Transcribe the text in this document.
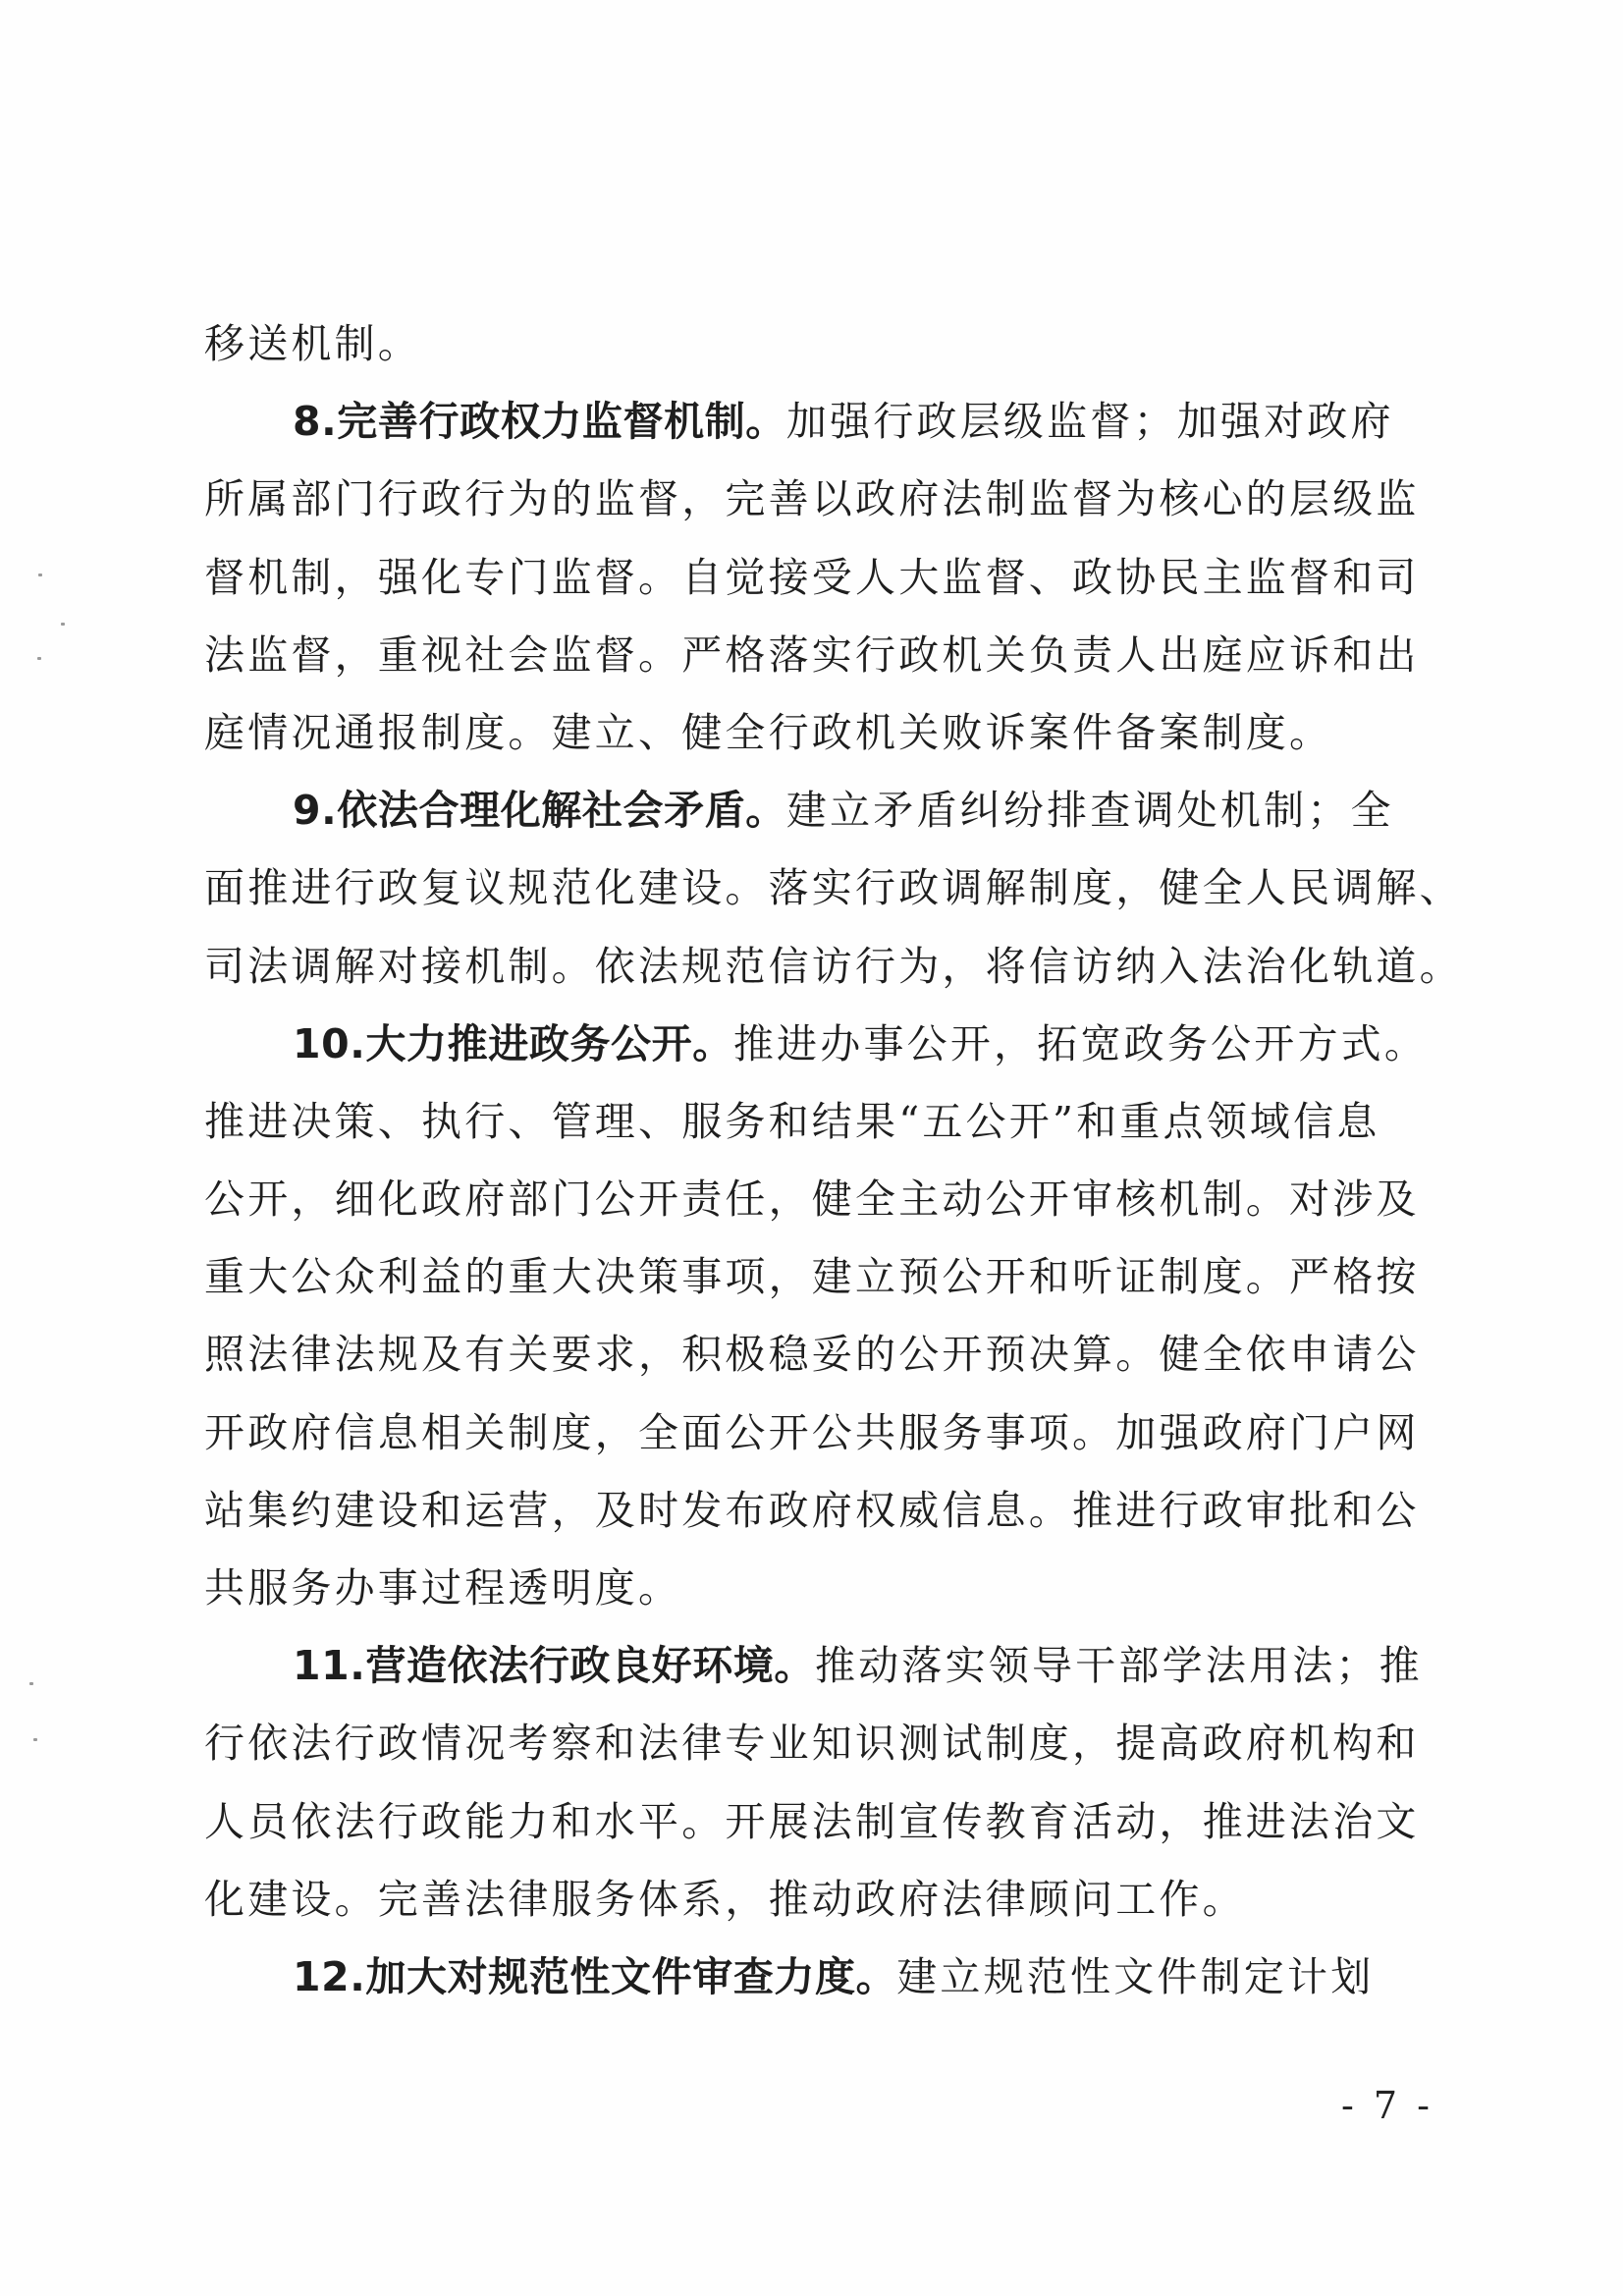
移送机制。
8.完善行政权力监督机制。加强行政层级监督；加强对政府
所属部门行政行为的监督，完善以政府法制监督为核心的层级监
督机制，强化专门监督。自觉接受人大监督、政协民主监督和司
法监督，重视社会监督。严格落实行政机关负责人出庭应诉和出
庭情况通报制度。建立、健全行政机关败诉案件备案制度。
9.依法合理化解社会矛盾。建立矛盾纠纷排查调处机制；全
面推进行政复议规范化建设。落实行政调解制度，健全人民调解、
司法调解对接机制。依法规范信访行为，将信访纳入法治化轨道。
10.大力推进政务公开。推进办事公开，拓宽政务公开方式。
推进决策、执行、管理、服务和结果“五公开”和重点领域信息
公开，细化政府部门公开责任，健全主动公开审核机制。对涉及
重大公众利益的重大决策事项，建立预公开和听证制度。严格按
照法律法规及有关要求，积极稳妥的公开预决算。健全依申请公
开政府信息相关制度，全面公开公共服务事项。加强政府门户网
站集约建设和运营，及时发布政府权威信息。推进行政审批和公
共服务办事过程透明度。
11.营造依法行政良好环境。推动落实领导干部学法用法；推
行依法行政情况考察和法律专业知识测试制度，提高政府机构和
人员依法行政能力和水平。开展法制宣传教育活动，推进法治文
化建设。完善法律服务体系，推动政府法律顾问工作。
12.加大对规范性文件审查力度。建立规范性文件制定计划
- 7 -
